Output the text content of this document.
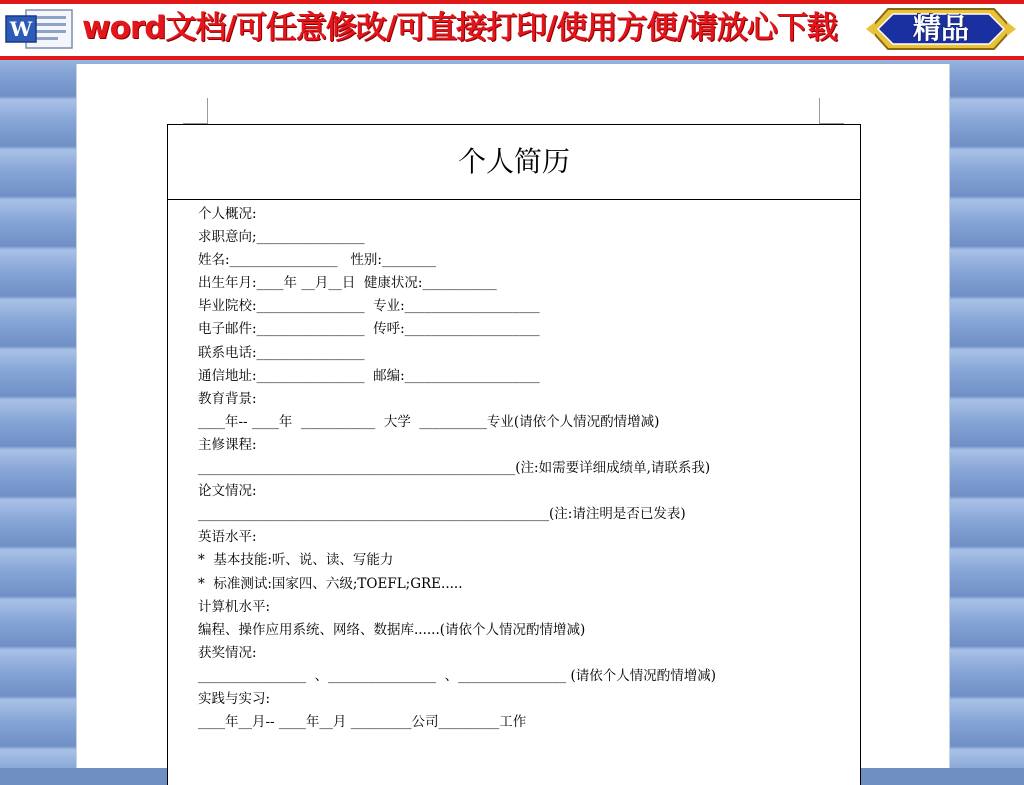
W word文档/可任意修改/可直接打印/使用方便/请放心下载	精品
个人简历
个人概况:
求职意向;________________
姓名:________________   性别:________
出生年月:____年 __月__日  健康状况:___________
毕业院校:________________  专业:____________________
电子邮件:________________  传呼:____________________
联系电话:________________
通信地址:________________  邮编:____________________
教育背景:
____年-- ____年  ___________  大学  __________专业(请依个人情况酌情增减)
主修课程:
_______________________________________________(注:如需要详细成绩单,请联系我)
论文情况:
____________________________________________________(注:请注明是否已发表)
英语水平:
*  基本技能:听、说、读、写能力
*  标准测试:国家四、六级;TOEFL;GRE.....
计算机水平:
编程、操作应用系统、网络、数据库......(请依个人情况酌情增减)
获奖情况:
________________  、________________  、________________ (请依个人情况酌情增减)
实践与实习:
____年__月-- ____年__月 _________公司_________工作
